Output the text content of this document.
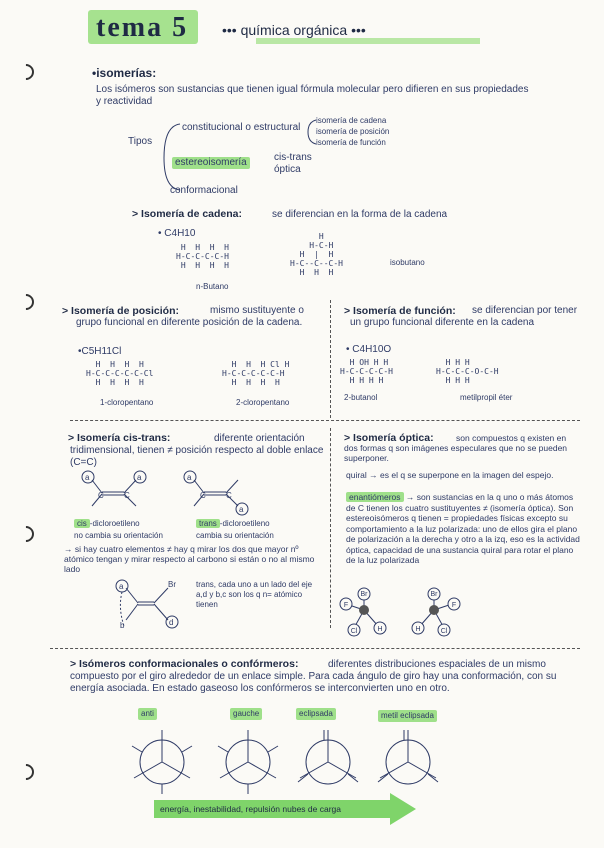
tema 5 ••• química orgánica •••
•isomerías:
Los isómeros son sustancias que tienen igual fórmula molecular pero difieren en sus propiedades y reactividad
Tipos
constitucional o estructural
isomería de cadena
isomería de posición
isomería de función
estereoisomería	cis-trans
óptica
conformacional
> Isomería de cadena:	se diferencian en la forma de la cadena
• C4H10
H  H  H  H
H-C-C-C-C-H
H  H  H  H
n-Butano
H
H-C-H
H  |  H
H-C--C--C-H
H  H  H
isobutano
> Isomería de posición:	mismo sustituyente o grupo funcional en diferente posición de la cadena.
•C5H11Cl
H  H  H  H
H-C-C-C-C-C-Cl
H  H  H  H
1-cloropentano
H  H  H Cl H
H-C-C-C-C-C-H
H  H  H  H
2-cloropentano
> Isomería de función:	se diferencian por tener un grupo funcional diferente en la cadena
• C4H10O
H OH H H
H-C-C-C-C-H
H H H H
2-butanol
H H H
H-C-C-C-O-C-H
H H H
metilpropil éter
> Isomería cis-trans:	diferente orientación tridimensional, tienen ≠ posición respecto al doble enlace (C=C)
a	a	a
a
C	C	C	C
cis -dicloroetileno
no cambia su orientación
trans -dicloroetileno
cambia su orientación
→ si hay cuatro elementos ≠ hay q mirar los dos que mayor nº atómico tengan y mirar respecto al carbono si están o no al mismo lado
a
d
Br
b
trans, cada uno a un lado del eje
a,d y b,c son los q n= atómico tienen
> Isomería óptica:	son compuestos q existen en dos formas q son imágenes especulares que no se pueden superponer.
quiral → es el q se superpone en la imagen del espejo.
enantiómeros → son sustancias en la q uno o más átomos de C tienen los cuatro sustituyentes ≠ (isomería óptica). Son estereoisómeros q tienen = propiedades físicas excepto su comportamiento a la luz polarizada: uno de ellos gira el plano de polarización a la derecha y otro a la izq, eso es la actividad óptica, capacidad de una sustancia quiral para rotar el plano de la luz polarizada
Br
F
Cl	H
Br
H	Cl
F
> Isómeros conformacionales o confórmeros:	diferentes distribuciones espaciales de un mismo compuesto por el giro alrededor de un enlace simple. Para cada ángulo de giro hay una conformación, con su energía asociada. En estado gaseoso los confórmeros se interconvierten uno en otro.
anti	gauche	eclipsada	metil eclipsada
energía, inestabilidad, repulsión nubes de carga
